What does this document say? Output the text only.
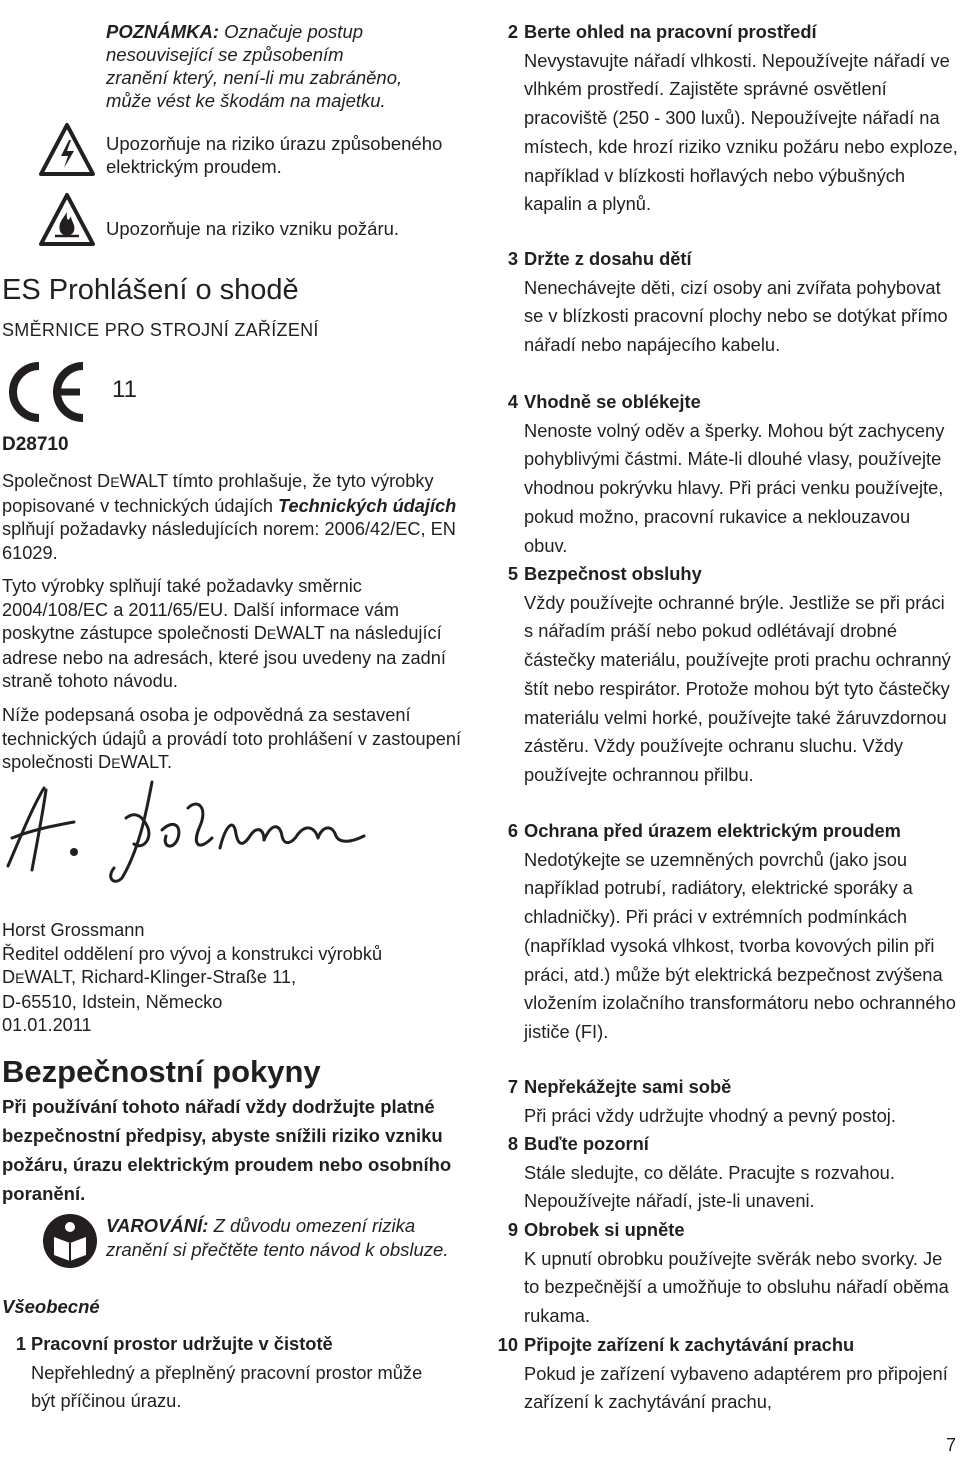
POZNÁMKA: Označuje postup
nesouvisející se způsobením
zranění který, není-li mu zabráněno,
může vést ke škodám na majetku.
Upozorňuje na riziko úrazu způsobeného elektrickým proudem.
Upozorňuje na riziko vzniku požáru.
ES Prohlášení o shodě
SMĚRNICE PRO STROJNÍ ZAŘÍZENÍ
11
D28710
Společnost DEWALT tímto prohlašuje, že tyto výrobky popisované v technických údajích Technických údajích splňují požadavky následujících norem: 2006/42/EC, EN 61029.
Tyto výrobky splňují také požadavky směrnic 2004/108/EC a 2011/65/EU. Další informace vám poskytne zástupce společnosti DEWALT na následující adrese nebo na adresách, které jsou uvedeny na zadní straně tohoto návodu.
Níže podepsaná osoba je odpovědná za sestavení technických údajů a provádí toto prohlášení v zastoupení společnosti DEWALT.
Horst Grossmann
Ředitel oddělení pro vývoj a konstrukci výrobků
DEWALT, Richard-Klinger-Straße 11,
D-65510, Idstein, Německo
01.01.2011
Bezpečnostní pokyny
Při používání tohoto nářadí vždy dodržujte platné bezpečnostní předpisy, abyste snížili riziko vzniku požáru, úrazu elektrickým proudem nebo osobního poranění.
VAROVÁNÍ: Z důvodu omezení rizika zranění si přečtěte tento návod k obsluze.
Všeobecné
1 Pracovní prostor udržujte v čistotě
Nepřehledný a přeplněný pracovní prostor může být příčinou úrazu.
2 Berte ohled na pracovní prostředí
Nevystavujte nářadí vlhkosti. Nepoužívejte nářadí ve vlhkém prostředí. Zajistěte správné osvětlení pracoviště (250 - 300 luxů). Nepoužívejte nářadí na místech, kde hrozí riziko vzniku požáru nebo exploze, například v blízkosti hořlavých nebo výbušných kapalin a plynů.
3 Držte z dosahu dětí
Nenechávejte děti, cizí osoby ani zvířata pohybovat se v blízkosti pracovní plochy nebo se dotýkat přímo nářadí nebo napájecího kabelu.
4 Vhodně se oblékejte
Nenoste volný oděv a šperky. Mohou být zachyceny pohyblivými částmi. Máte-li dlouhé vlasy, používejte vhodnou pokrývku hlavy. Při práci venku používejte, pokud možno, pracovní rukavice a neklouzavou obuv.
5 Bezpečnost obsluhy
Vždy používejte ochranné brýle. Jestliže se při práci s nářadím práší nebo pokud odlétávají drobné částečky materiálu, používejte proti prachu ochranný štít nebo respirátor. Protože mohou být tyto částečky materiálu velmi horké, používejte také žáruvzdornou zástěru. Vždy používejte ochranu sluchu. Vždy používejte ochrannou přilbu.
6 Ochrana před úrazem elektrickým proudem
Nedotýkejte se uzemněných povrchů (jako jsou například potrubí, radiátory, elektrické sporáky a chladničky). Při práci v extrémních podmínkách (například vysoká vlhkost, tvorba kovových pilin při práci, atd.) může být elektrická bezpečnost zvýšena vložením izolačního transformátoru nebo ochranného jističe (FI).
7 Nepřekážejte sami sobě
Při práci vždy udržujte vhodný a pevný postoj.
8 Buďte pozorní
Stále sledujte, co děláte. Pracujte s rozvahou. Nepoužívejte nářadí, jste-li unaveni.
9 Obrobek si upněte
K upnutí obrobku používejte svěrák nebo svorky. Je to bezpečnější a umožňuje to obsluhu nářadí oběma rukama.
10 Připojte zařízení k zachytávání prachu
Pokud je zařízení vybaveno adaptérem pro připojení zařízení k zachytávání prachu,
7
